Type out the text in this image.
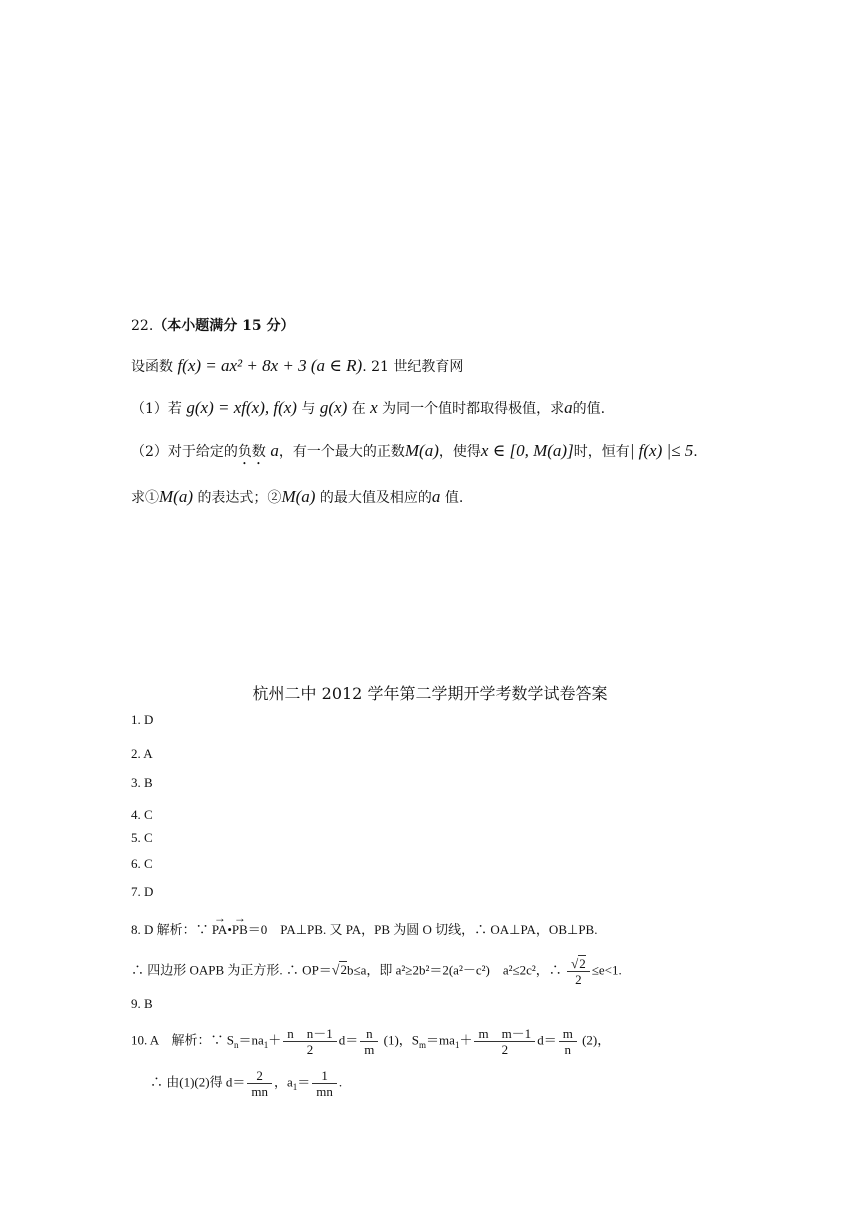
22.（本小题满分 15 分）
设函数 f(x) = ax² + 8x + 3 (a ∈ R). 21 世纪教育网
（1）若 g(x) = xf(x), f(x) 与 g(x) 在 x 为同一个值时都取得极值，求a的值.
（2）对于给定的负数 a，有一个最大的正数M(a)，使得x ∈ [0, M(a)]时，恒有| f(x) |≤ 5.
求①M(a) 的表达式；②M(a) 的最大值及相应的a 值.
杭州二中 2012 学年第二学期开学考数学试卷答案
1. D
2. A
3. B
4. C
5. C
6. C
7. D
8. D 解析：∵ → PA•→ PB＝0　PA⊥PB. 又 PA，PB 为圆 O 切线，∴ OA⊥PA，OB⊥PB.
∴ 四边形 OAPB 为正方形. ∴ OP＝√2b≤a，即 a²≥2b²＝2(a²－c²)　a²≤2c²，∴ $\frac{√2}{2} \le e<1$.
9. B
10. A　解析：∵ $S_n=na_1+ \frac{\text{n　n－1}}{2} d= \frac{n}{m} (1)$，$S_m=ma_1+ \frac{\text{m　m－1}}{2} d= \frac{m}{n} (2)$，
∴ 由(1)(2)得 $d= \frac{2}{mn}$ ，$a_1= \frac{1}{mn}$ .
